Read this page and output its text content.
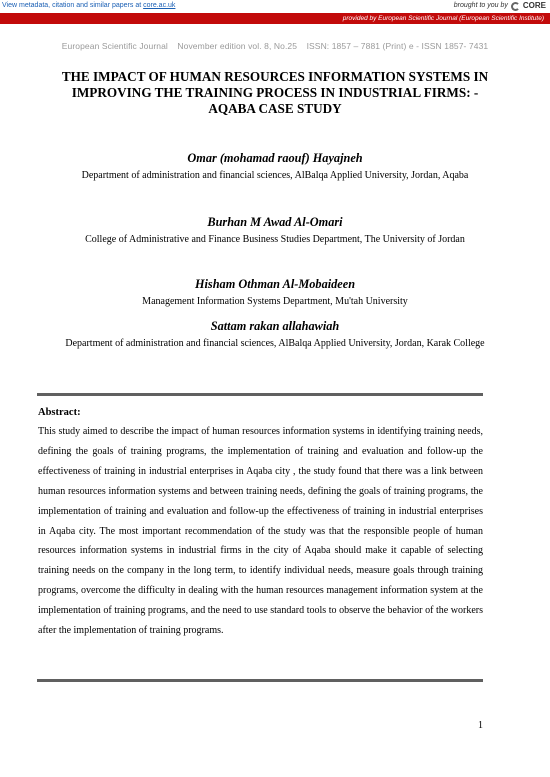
View metadata, citation and similar papers at core.ac.uk	brought to you by CORE
provided by European Scientific Journal (European Scientific Institute)
European Scientific Journal November edition vol. 8, No.25 ISSN: 1857 – 7881 (Print) e - ISSN 1857- 7431
THE IMPACT OF HUMAN RESOURCES INFORMATION SYSTEMS IN IMPROVING THE TRAINING PROCESS IN INDUSTRIAL FIRMS: - AQABA CASE STUDY
Omar (mohamad raouf) Hayajneh
Department of administration and financial sciences, AlBalqa Applied University, Jordan, Aqaba
Burhan M Awad Al-Omari
College of Administrative and Finance Business Studies Department, The University of Jordan
Hisham Othman Al-Mobaideen
Management Information Systems Department, Mu'tah University
Sattam rakan allahawiah
Department of administration and financial sciences, AlBalqa Applied University, Jordan, Karak College
Abstract:
This study aimed to describe the impact of human resources information systems in identifying training needs, defining the goals of training programs, the implementation of training and evaluation and follow-up the effectiveness of training in industrial enterprises in Aqaba city , the study found that there was a link between human resources information systems and between training needs, defining the goals of training programs, the implementation of training and evaluation and follow-up the effectiveness of training in industrial enterprises in Aqaba city. The most important recommendation of the study was that the responsible people of human resources information systems in industrial firms in the city of Aqaba should make it capable of selecting training needs on the company in the long term, to identify individual needs, measure goals through training programs, overcome the difficulty in dealing with the human resources management information system at the implementation of training programs, and the need to use standard tools to observe the behavior of the workers after the implementation of training programs.
1
